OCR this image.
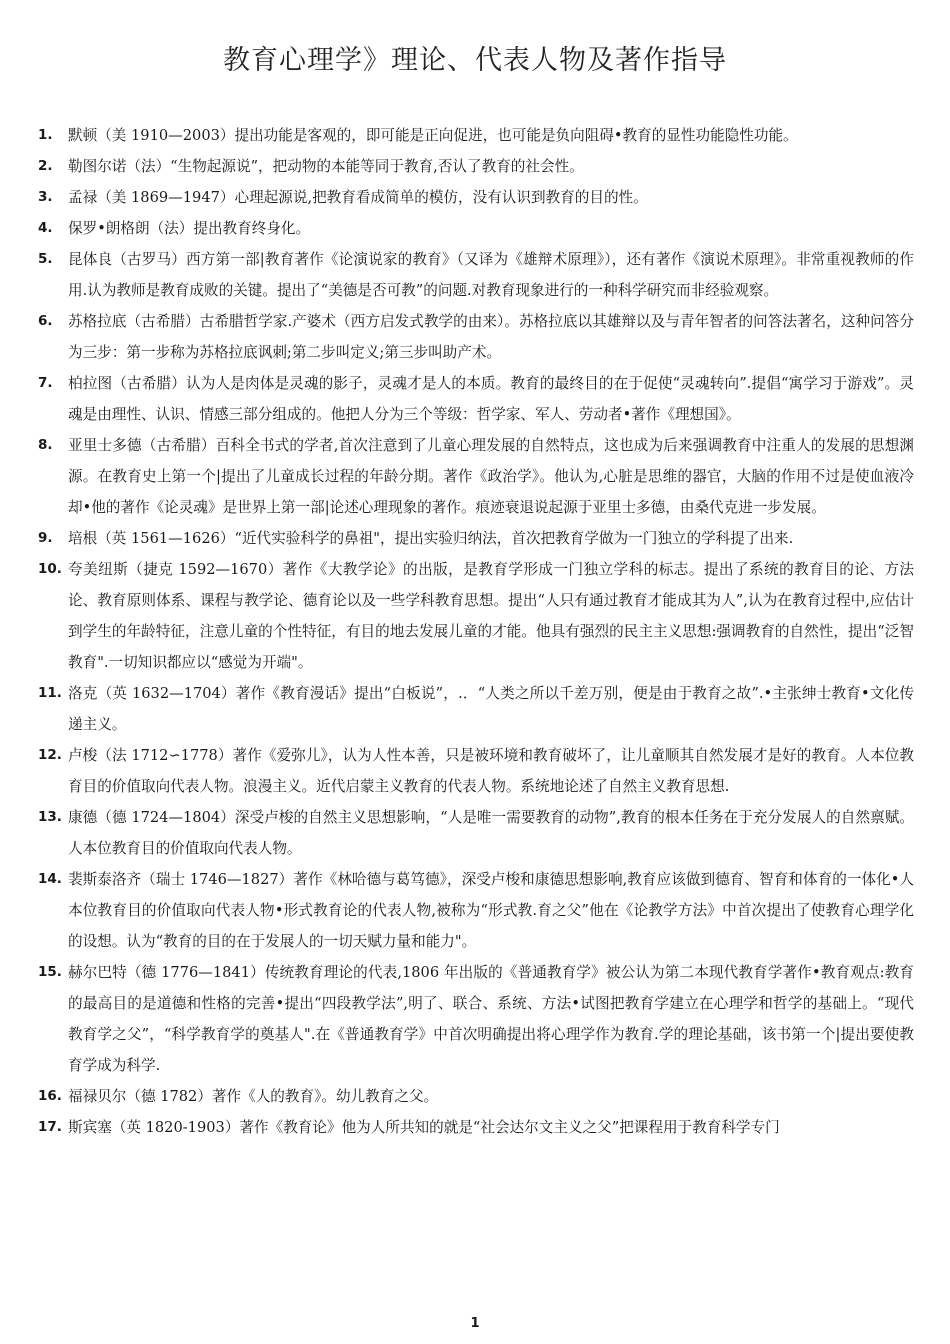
教育心理学》理论、代表人物及著作指导
1.	默顿（美 1910—2003）提出功能是客观的，即可能是正向促进，也可能是负向阻碍•教育的显性功能隐性功能。
2.	勒图尔诺（法）“生物起源说”，把动物的本能等同于教育,否认了教育的社会性。
3.	孟禄（美 1869—1947）心理起源说,把教育看成简单的模仿，没有认识到教育的目的性。
4.	保罗•朗格朗（法）提出教育终身化。
5.	昆体良（古罗马）西方第一部|教育著作《论演说家的教育》（又译为《雄辩术原理》），还有著作《演说术原理》。非常重视教师的作用.认为教师是教育成败的关键。提出了“美德是否可教”的问题.对教育现象进行的一种科学研究而非经验观察。
6.	苏格拉底（古希腊）古希腊哲学家.产婆术（西方启发式教学的由来）。苏格拉底以其雄辩以及与青年智者的问答法著名，这种问答分为三步：第一步称为苏格拉底讽刺;第二步叫定义;第三步叫助产术。
7.	柏拉图（古希腊）认为人是肉体是灵魂的影子，灵魂才是人的本质。教育的最终目的在于促使“灵魂转向”.提倡“寓学习于游戏”。灵魂是由理性、认识、情感三部分组成的。他把人分为三个等级：哲学家、军人、劳动者•著作《理想国》。
8.	亚里士多德（古希腊）百科全书式的学者,首次注意到了儿童心理发展的自然特点，这也成为后来强调教育中注重人的发展的思想渊源。在教育史上第一个|提出了儿童成长过程的年龄分期。著作《政治学》。他认为,心脏是思维的器官，大脑的作用不过是使血液冷却•他的著作《论灵魂》是世界上第一部|论述心理现象的著作。痕迹衰退说起源于亚里士多德，由桑代克进一步发展。
9.	培根（英 1561—1626）“近代实验科学的鼻祖"，提出实验归纳法，首次把教育学做为一门独立的学科提了出来.
10. 夸美纽斯（捷克 1592—1670）著作《大教学论》的出版，是教育学形成一门独立学科的标志。提出了系统的教育目的论、方法论、教育原则体系、课程与教学论、德育论以及一些学科教育思想。提出“人只有通过教育才能成其为人”,认为在教育过程中,应估计到学生的年龄特征，注意儿童的个性特征，有目的地去发展儿童的才能。他具有强烈的民主主义思想:强调教育的自然性，提出“泛智教育".一切知识都应以“感觉为开端"。
11. 洛克（英 1632—1704）著作《教育漫话》提出“白板说”，.．“人类之所以千差万别，便是由于教育之故”.•主张绅士教育•文化传递主义。
12. 卢梭（法 1712∽1778）著作《爱弥儿》，认为人性本善，只是被环境和教育破坏了，让儿童顺其自然发展才是好的教育。人本位教育目的价值取向代表人物。浪漫主义。近代启蒙主义教育的代表人物。系统地论述了自然主义教育思想.
13. 康德（德 1724—1804）深受卢梭的自然主义思想影响，“人是唯一需要教育的动物”,教育的根本任务在于充分发展人的自然禀赋。人本位教育目的价值取向代表人物。
14. 裴斯泰洛齐（瑞士 1746—1827）著作《林哈德与葛笃德》，深受卢梭和康德思想影响,教育应该做到德育、智育和体育的一体化•人本位教育目的价值取向代表人物•形式教育论的代表人物,被称为“形式教.育之父”他在《论教学方法》中首次提出了使教育心理学化的设想。认为“教育的目的在于发展人的一切天赋力量和能力"。
15. 赫尔巴特（德 1776—1841）传统教育理论的代表,1806 年出版的《普通教育学》被公认为第二本现代教育学著作•教育观点:教育的最高目的是道德和性格的完善•提出“四段教学法”,明了、联合、系统、方法•试图把教育学建立在心理学和哲学的基础上。“现代教育学之父”，“科学教育学的奠基人".在《普通教育学》中首次明确提出将心理学作为教育.学的理论基础，该书第一个|提出要使教育学成为科学.
16. 福禄贝尔（德 1782）著作《人的教育》。幼儿教育之父。
17. 斯宾塞（英 1820-1903）著作《教育论》他为人所共知的就是“社会达尔文主义之父”把课程用于教育科学专门
1
